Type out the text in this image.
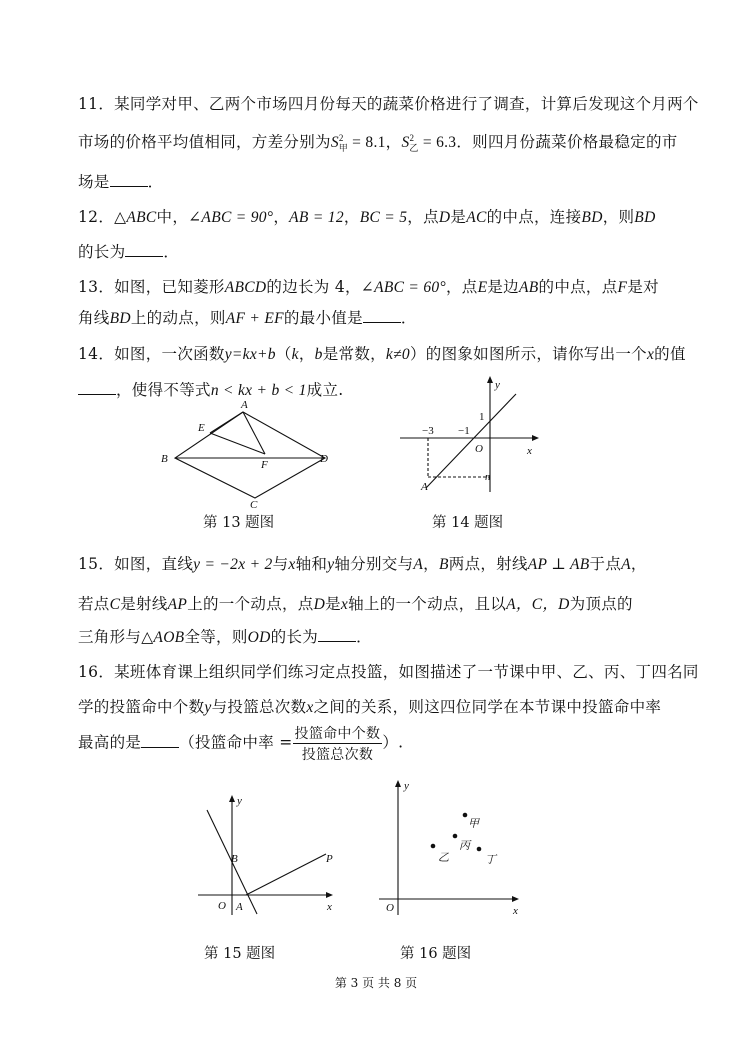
11．某同学对甲、乙两个市场四月份每天的蔬菜价格进行了调查，计算后发现这个月两个
市场的价格平均值相同，方差分别为$S^2_甲 = 8.1$，$S^2_乙 = 6.3$．则四月份蔬菜价格最稳定的市
场是 ．
12．△ABC中，∠ABC = 90°，AB = 12，BC = 5，点D是AC的中点，连接BD，则BD
的长为 ．
13．如图，已知菱形ABCD的边长为 4，∠ABC = 60°，点E是边AB的中点，点F是对
角线BD上的动点，则AF + EF的最小值是 ．
14．如图，一次函数y=kx+b（k，b是常数，k≠0）的图象如图所示，请你写出一个x的值
，使得不等式n < kx + b < 1成立.
A
B
C
D
E
F
第 13 题图
y
x
O
1
−1
−3
A
n
第 14 题图
15．如图，直线y = −2x + 2与x轴和y轴分别交与A，B两点，射线AP ⊥ AB于点A，
若点C是射线AP上的一个动点，点D是x轴上的一个动点，且以A，C，D为顶点的
三角形与△AOB全等，则OD的长为 ．
16．某班体育课上组织同学们练习定点投篮，如图描述了一节课中甲、乙、丙、丁四名同
学的投篮命中个数y与投篮总次数x之间的关系，则这四位同学在本节课中投篮命中率
最高的是 （投篮命中率 = $\frac{\text{投篮命中个数}}{\text{投篮总次数}}$ ）.
y
x
O A
B	P
第 15 题图
y
x
O
甲
乙
丙
丁
第 16 题图
第 3 页 共 8 页
